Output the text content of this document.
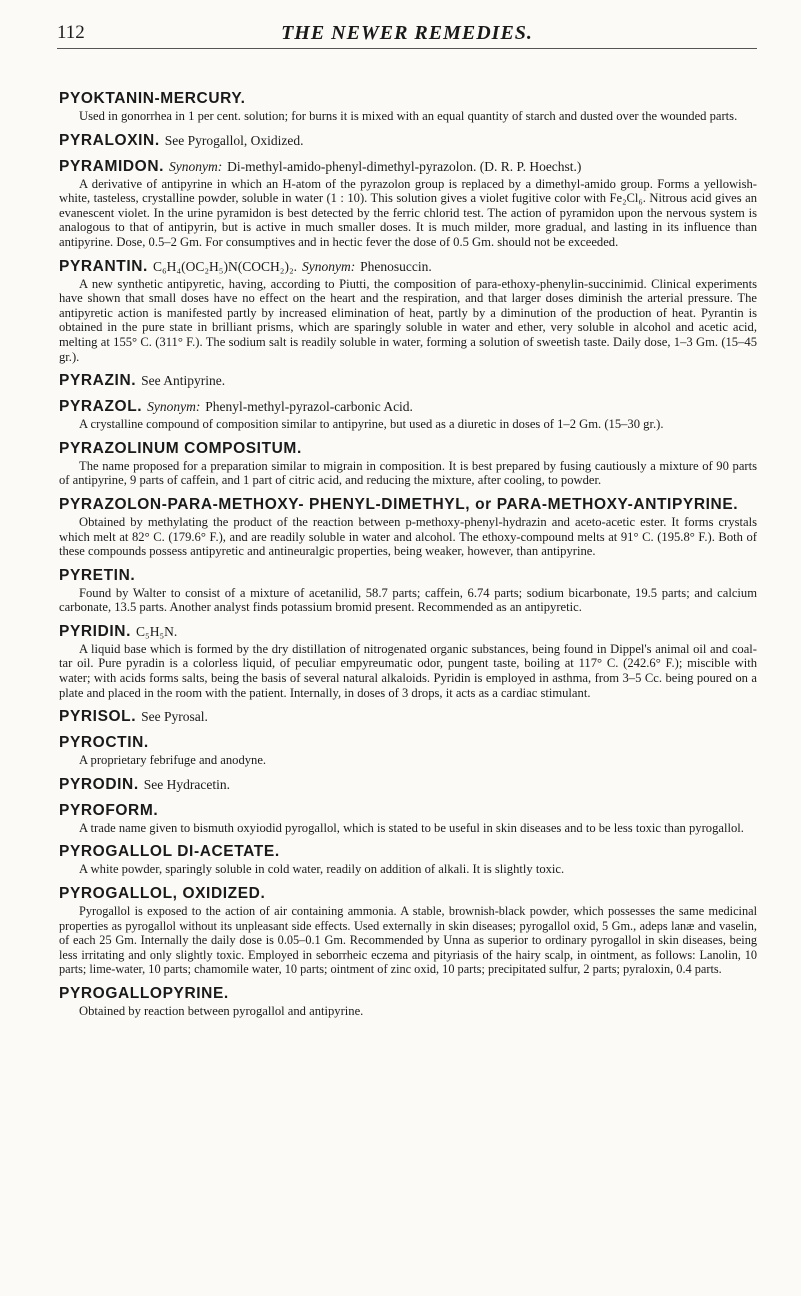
112	THE NEWER REMEDIES.
PYOKTANIN-MERCURY.

Used in gonorrhea in 1 per cent. solution; for burns it is mixed with an equal quantity of starch and dusted over the wounded parts.

PYRALOXIN. See Pyrogallol, Oxidized.
PYRAMIDON. Synonym: Di-methyl-amido-phenyl-dimethyl-pyrazolon. (D. R. P. Hoechst.)

A derivative of antipyrine in which an H-atom of the pyrazolon group is replaced by a dimethyl-amido group. Forms a yellowish-white, tasteless, crystalline powder, soluble in water (1 : 10). This solution gives a violet fugitive color with Fe₂Cl₆. Nitrous acid gives an evanescent violet. In the urine pyramidon is best detected by the ferric chlorid test. The action of pyramidon upon the nervous system is analogous to that of antipyrin, but is active in much smaller doses. It is much milder, more gradual, and lasting in its influence than antipyrine. Dose, 0.5–2 Gm. For consumptives and in hectic fever the dose of 0.5 Gm. should not be exceeded.

PYRANTIN. C₆H₄(OC₂H₅)N(COCH₂)₂. Synonym: Phenosuccin.

A new synthetic antipyretic, having, according to Piutti, the composition of para-ethoxy-phenylin-succinimid. Clinical experiments have shown that small doses have no effect on the heart and the respiration, and that larger doses diminish the arterial pressure. The antipyretic action is manifested partly by increased elimination of heat, partly by a diminution of the production of heat. Pyrantin is obtained in the pure state in brilliant prisms, which are sparingly soluble in water and ether, very soluble in alcohol and acetic acid, melting at 155° C. (311° F.). The sodium salt is readily soluble in water, forming a solution of sweetish taste. Daily dose, 1–3 Gm. (15–45 gr.).

PYRAZIN. See Antipyrine.
PYRAZOL. Synonym: Phenyl-methyl-pyrazol-carbonic Acid.

A crystalline compound of composition similar to antipyrine, but used as a diuretic in doses of 1–2 Gm. (15–30 gr.).

PYRAZOLINUM COMPOSITUM.

The name proposed for a preparation similar to migrain in composition. It is best prepared by fusing cautiously a mixture of 90 parts of antipyrine, 9 parts of caffein, and 1 part of citric acid, and reducing the mixture, after cooling, to powder.

PYRAZOLON-PARA-METHOXY- PHENYL-DIMETHYL, or PARA-METHOXY-ANTIPYRINE.

Obtained by methylating the product of the reaction between p-methoxy-phenyl-hydrazin and aceto-acetic ester. It forms crystals which melt at 82° C. (179.6° F.), and are readily soluble in water and alcohol. The ethoxy-compound melts at 91° C. (195.8° F.). Both of these compounds possess antipyretic and antineuralgic properties, being weaker, however, than antipyrine.

PYRETIN.

Found by Walter to consist of a mixture of acetanilid, 58.7 parts; caffein, 6.74 parts; sodium bicarbonate, 19.5 parts; and calcium carbonate, 13.5 parts. Another analyst finds potassium bromid present. Recommended as an antipyretic.

PYRIDIN. C₅H₅N.

A liquid base which is formed by the dry distillation of nitrogenated organic substances, being found in Dippel's animal oil and coal-tar oil. Pure pyradin is a colorless liquid, of peculiar empyreumatic odor, pungent taste, boiling at 117° C. (242.6° F.); miscible with water; with acids forms salts, being the basis of several natural alkaloids. Pyridin is employed in asthma, from 3–5 Cc. being poured on a plate and placed in the room with the patient. Internally, in doses of 3 drops, it acts as a cardiac stimulant.

PYRISOL. See Pyrosal.
PYROCTIN.

A proprietary febrifuge and anodyne.

PYRODIN. See Hydracetin.
PYROFORM.

A trade name given to bismuth oxyiodid pyrogallol, which is stated to be useful in skin diseases and to be less toxic than pyrogallol.

PYROGALLOL DI-ACETATE.

A white powder, sparingly soluble in cold water, readily on addition of alkali. It is slightly toxic.

PYROGALLOL, OXIDIZED.

Pyrogallol is exposed to the action of air containing ammonia. A stable, brownish-black powder, which possesses the same medicinal properties as pyrogallol without its unpleasant side effects. Used externally in skin diseases; pyrogallol oxid, 5 Gm., adeps lanæ and vaselin, of each 25 Gm. Internally the daily dose is 0.05–0.1 Gm. Recommended by Unna as superior to ordinary pyrogallol in skin diseases, being less irritating and only slightly toxic. Employed in seborrheic eczema and pityriasis of the hairy scalp, in ointment, as follows: Lanolin, 10 parts; lime-water, 10 parts; chamomile water, 10 parts; ointment of zinc oxid, 10 parts; precipitated sulfur, 2 parts; pyraloxin, 0.4 parts.

PYROGALLOPYRINE.

Obtained by reaction between pyrogallol and antipyrine.
